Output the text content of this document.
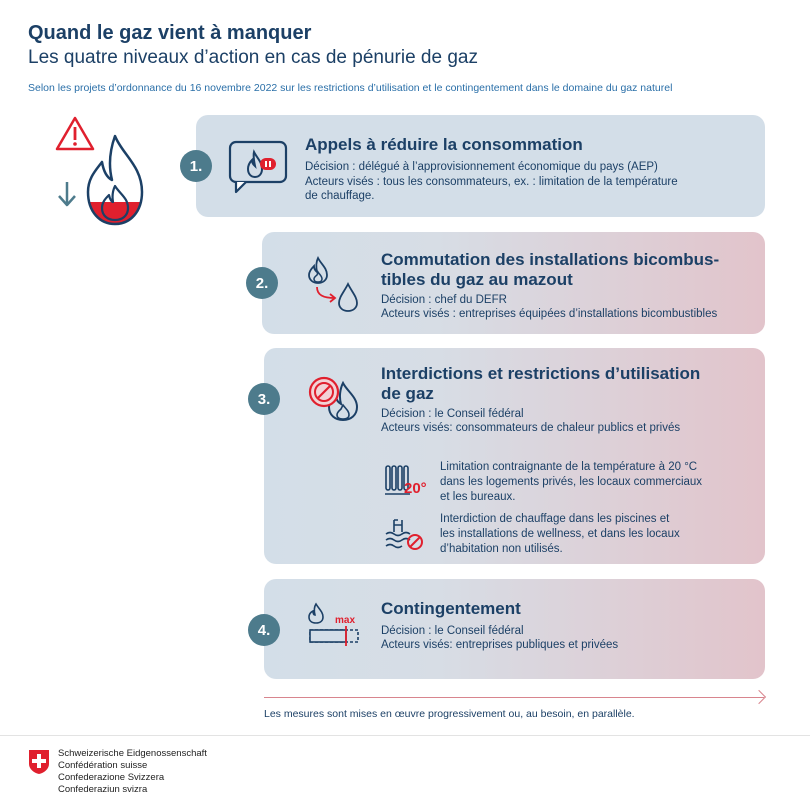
Quand le gaz vient à manquer
Les quatre niveaux d’action en cas de pénurie de gaz
Selon les projets d’ordonnance du 16 novembre 2022 sur les restrictions d’utilisation et le contingentement dans le domaine du gaz naturel
1.
Appels à réduire la consommation
Décision : délégué à l’approvisionnement économique du pays (AEP)
Acteurs visés : tous les consommateurs, ex. : limitation de la température
de chauffage.
2.
Commutation des installations bicombus-
tibles du gaz au mazout
Décision : chef du DEFR
Acteurs visés : entreprises équipées d’installations bicombustibles
3.
Interdictions et restrictions d’utilisation
de gaz
Décision : le Conseil fédéral
Acteurs visés: consommateurs de chaleur publics et privés
20°
Limitation contraignante de la température à 20 °C
dans les logements privés, les locaux commerciaux
et les bureaux.
Interdiction de chauffage dans les piscines et
les installations de wellness, et dans les locaux
d’habitation non utilisés.
4.
max
Contingentement
Décision : le Conseil fédéral
Acteurs visés: entreprises publiques et privées
Les mesures sont mises en œuvre progressivement ou, au besoin, en parallèle.
Schweizerische Eidgenossenschaft
Confédération suisse
Confederazione Svizzera
Confederaziun svizra
